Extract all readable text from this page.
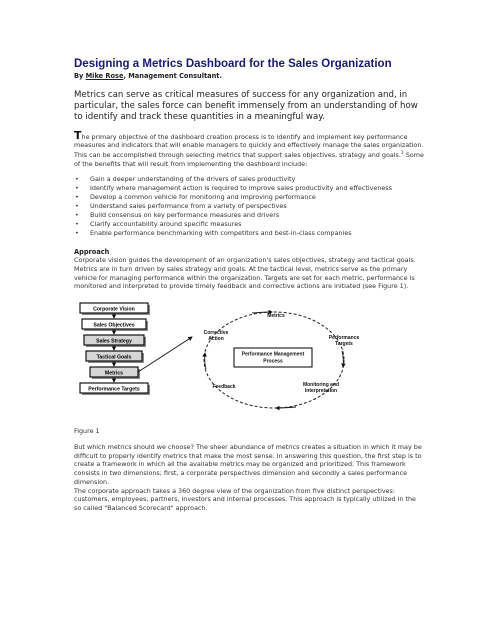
Designing a Metrics Dashboard for the Sales Organization

By Mike Rose, Management Consultant.

Metrics can serve as critical measures of success for any organization and, in particular, the sales force can benefit immensely from an understanding of how to identify and track these quantities in a meaningful way.

The primary objective of the dashboard creation process is to identify and implement key performance measures and indicators that will enable managers to quickly and effectively manage the sales organization. This can be accomplished through selecting metrics that support sales objectives, strategy and goals.$^1$ Some of the benefits that will result from implementing the dashboard include:

• Gain a deeper understanding of the drivers of sales productivity
• Identify where management action is required to improve sales productivity and effectiveness
• Develop a common vehicle for monitoring and improving performance
• Understand sales performance from a variety of perspectives
• Build consensus on key performance measures and drivers
• Clarify accountability around specific measures
• Enable performance benchmarking with competitors and best-in-class companies

Approach

Corporate vision guides the development of an organization's sales objectives, strategy and tactical goals. Metrics are in turn driven by sales strategy and goals. At the tactical level, metrics serve as the primary vehicle for managing performance within the organization. Targets are set for each metric, performance is monitored and interpreted to provide timely feedback and corrective actions are initiated (see Figure 1).

Corporate Vision
Sales Objectives
Sales Strategy
Tactical Goals
Metrics
Performance Targets
Performance Management
Process
Metrics
Corrective
Action	Performance
Targets
Feedback	Monitoring and
Interpretation

Figure 1

But which metrics should we choose? The sheer abundance of metrics creates a situation in which it may be difficult to properly identify metrics that make the most sense. In answering this question, the first step is to create a framework in which all the available metrics may be organized and prioritized. This framework consists in two dimensions; first, a corporate perspectives dimension and secondly a sales performance dimension.

The corporate approach takes a 360 degree view of the organization from five distinct perspectives: customers, employees, partners, investors and internal processes. This approach is typically utilized in the so called "Balanced Scorecard" approach.
